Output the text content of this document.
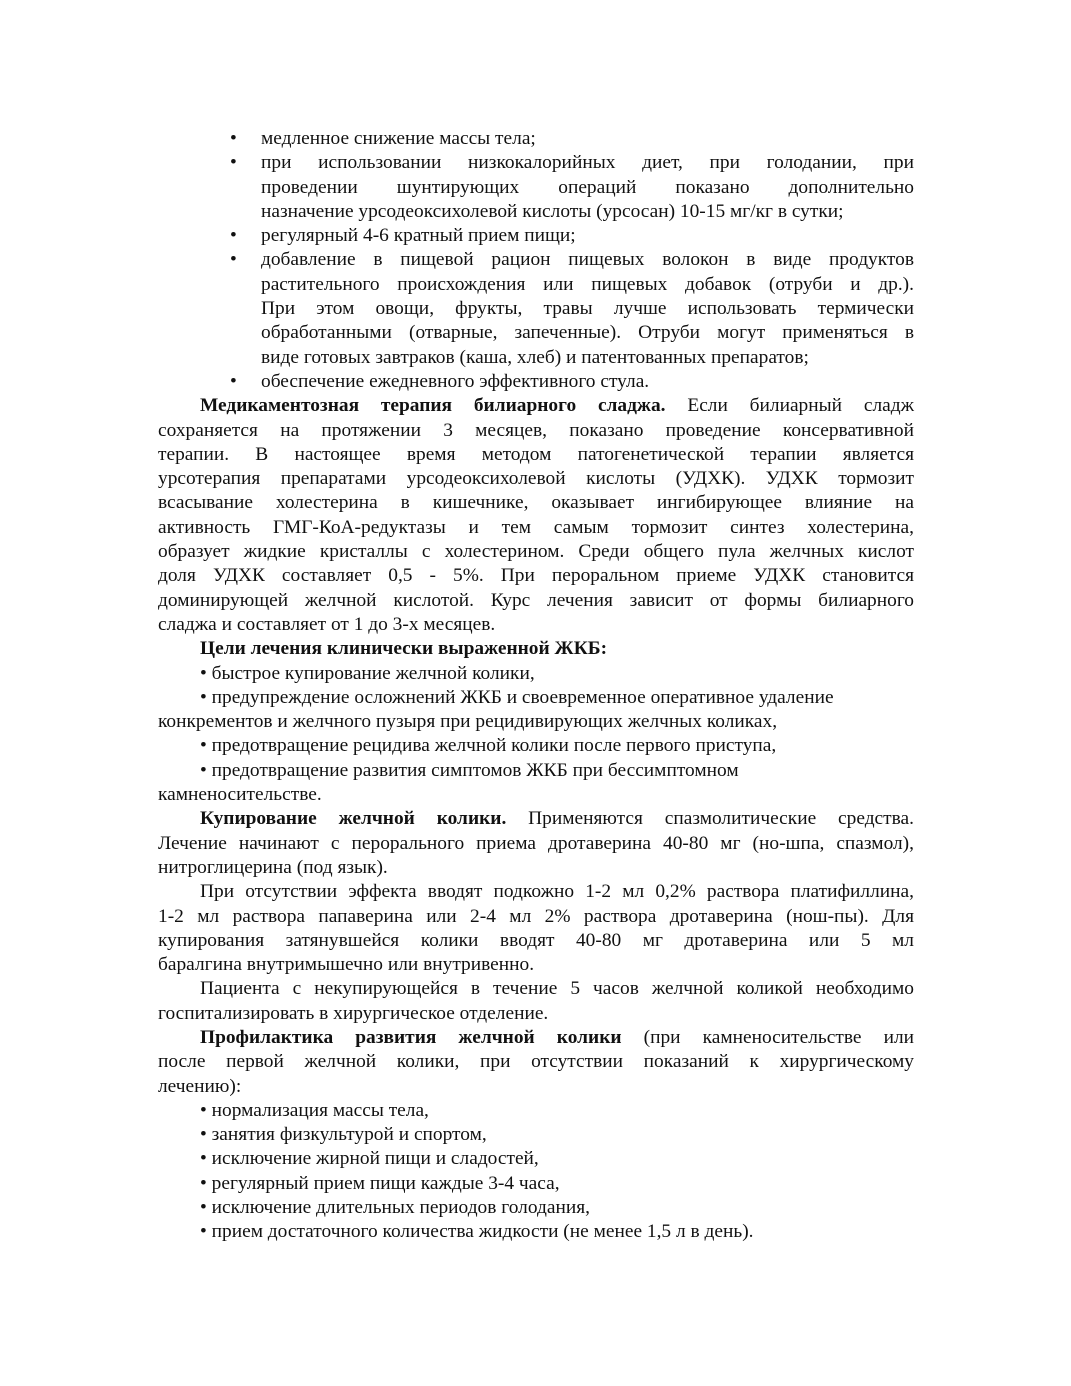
• медленное снижение массы тела;
• при использовании низкокалорийных диет, при голодании, при
проведении шунтирующих операций показано дополнительно
назначение урсодеоксихолевой кислоты (урсосан) 10-15 мг/кг в сутки;
• регулярный 4-6 кратный прием пищи;
• добавление в пищевой рацион пищевых волокон в виде продуктов
растительного происхождения или пищевых добавок (отруби и др.).
При этом овощи, фрукты, травы лучше использовать термически
обработанными (отварные, запеченные). Отруби могут применяться в
виде готовых завтраков (каша, хлеб) и патентованных препаратов;
• обеспечение ежедневного эффективного стула.
Медикаментозная терапия билиарного сладжа. Если билиарный сладж
сохраняется на протяжении 3 месяцев, показано проведение консервативной
терапии. В настоящее время методом патогенетической терапии является
урсотерапия препаратами урсодеоксихолевой кислоты (УДХК). УДХК тормозит
всасывание холестерина в кишечнике, оказывает ингибирующее влияние на
активность ГМГ-КоА-редуктазы и тем самым тормозит синтез холестерина,
образует жидкие кристаллы с холестерином. Среди общего пула желчных кислот
доля УДХК составляет 0,5 - 5%. При пероральном приеме УДХК становится
доминирующей желчной кислотой. Курс лечения зависит от формы билиарного
сладжа и составляет от 1 до 3-х месяцев.
Цели лечения клинически выраженной ЖКБ:
• быстрое купирование желчной колики,
• предупреждение осложнений ЖКБ и своевременное оперативное удаление
конкрементов и желчного пузыря при рецидивирующих желчных коликах,
• предотвращение рецидива желчной колики после первого приступа,
• предотвращение развития симптомов ЖКБ при бессимптомном
камненосительстве.
Купирование желчной колики. Применяются спазмолитические средства.
Лечение начинают с перорального приема дротаверина 40-80 мг (но-шпа, спазмол),
нитроглицерина (под язык).
При отсутствии эффекта вводят подкожно 1-2 мл 0,2% раствора платифиллина,
1-2 мл раствора папаверина или 2-4 мл 2% раствора дротаверина (нош-пы). Для
купирования затянувшейся колики вводят 40-80 мг дротаверина или 5 мл
баралгина внутримышечно или внутривенно.
Пациента с некупирующейся в течение 5 часов желчной коликой необходимо
госпитализировать в хирургическое отделение.
Профилактика развития желчной колики (при камненосительстве или
после первой желчной колики, при отсутствии показаний к хирургическому
лечению):
• нормализация массы тела,
• занятия физкультурой и спортом,
• исключение жирной пищи и сладостей,
• регулярный прием пищи каждые 3-4 часа,
• исключение длительных периодов голодания,
• прием достаточного количества жидкости (не менее 1,5 л в день).
